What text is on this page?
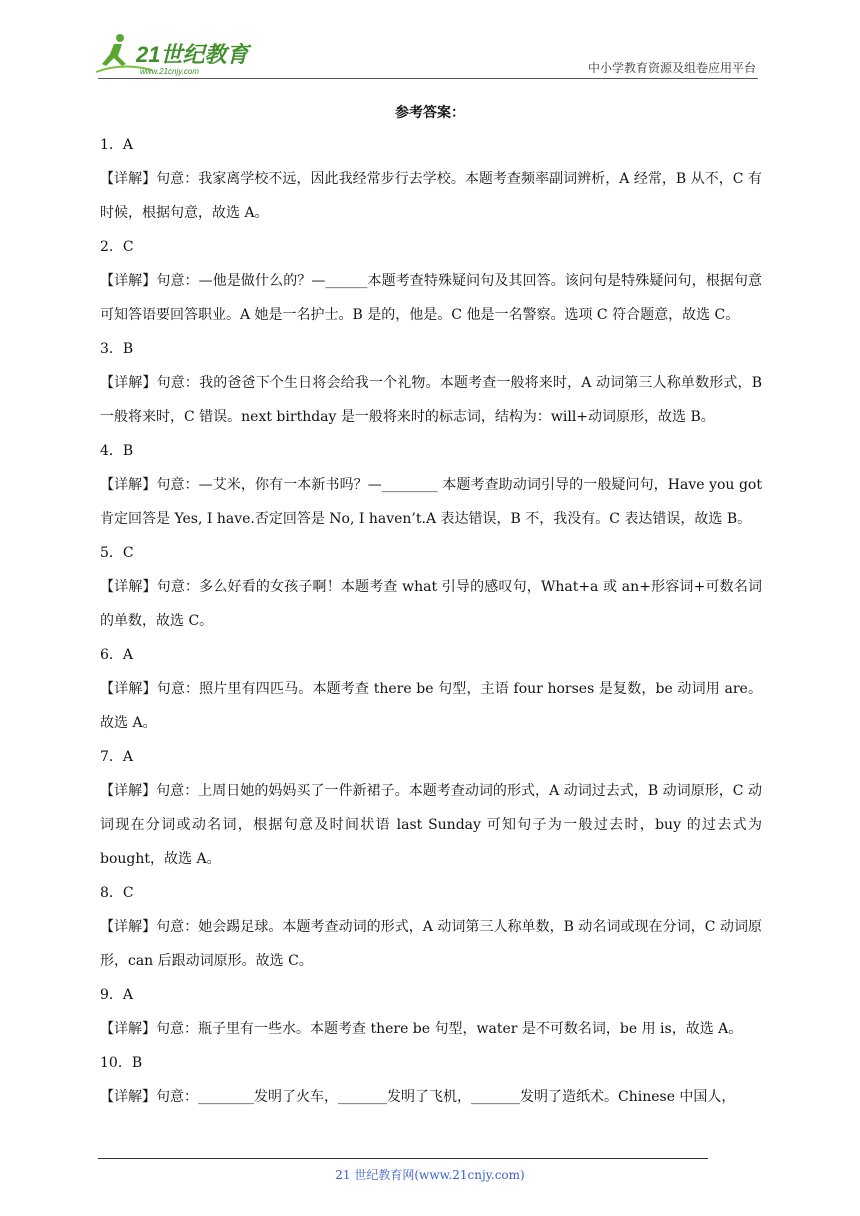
21世纪教育
www.21cnjy.com	中小学教育资源及组卷应用平台
参考答案：
1．A
【详解】句意：我家离学校不远，因此我经常步行去学校。本题考查频率副词辨析，A 经常，B 从不，C 有时候，根据句意，故选 A。
2．C
【详解】句意：—他是做什么的？—______本题考查特殊疑问句及其回答。该问句是特殊疑问句，根据句意可知答语要回答职业。A 她是一名护士。B 是的，他是。C 他是一名警察。选项 C 符合题意，故选 C。
3．B
【详解】句意：我的爸爸下个生日将会给我一个礼物。本题考查一般将来时，A 动词第三人称单数形式，B 一般将来时，C 错误。next birthday 是一般将来时的标志词，结构为：will+动词原形，故选 B。
4．B
【详解】句意：—艾米，你有一本新书吗？—________ 本题考查助动词引导的一般疑问句，Have you got 肯定回答是 Yes, I have.否定回答是 No, I haven’t.A 表达错误，B 不，我没有。C 表达错误，故选 B。
5．C
【详解】句意：多么好看的女孩子啊！本题考查 what 引导的感叹句，What+a 或 an+形容词+可数名词的单数，故选 C。
6．A
【详解】句意：照片里有四匹马。本题考查 there be 句型，主语 four horses 是复数，be 动词用 are。故选 A。
7．A
【详解】句意：上周日她的妈妈买了一件新裙子。本题考查动词的形式，A 动词过去式，B 动词原形，C 动词现在分词或动名词，根据句意及时间状语 last Sunday 可知句子为一般过去时，buy 的过去式为 bought，故选 A。
8．C
【详解】句意：她会踢足球。本题考查动词的形式，A 动词第三人称单数，B 动名词或现在分词，C 动词原形，can 后跟动词原形。故选 C。
9．A
【详解】句意：瓶子里有一些水。本题考查 there be 句型，water 是不可数名词，be 用 is，故选 A。
10．B
【详解】句意：________发明了火车，_______发明了飞机，_______发明了造纸术。Chinese 中国人，
21 世纪教育网(www.21cnjy.com)
